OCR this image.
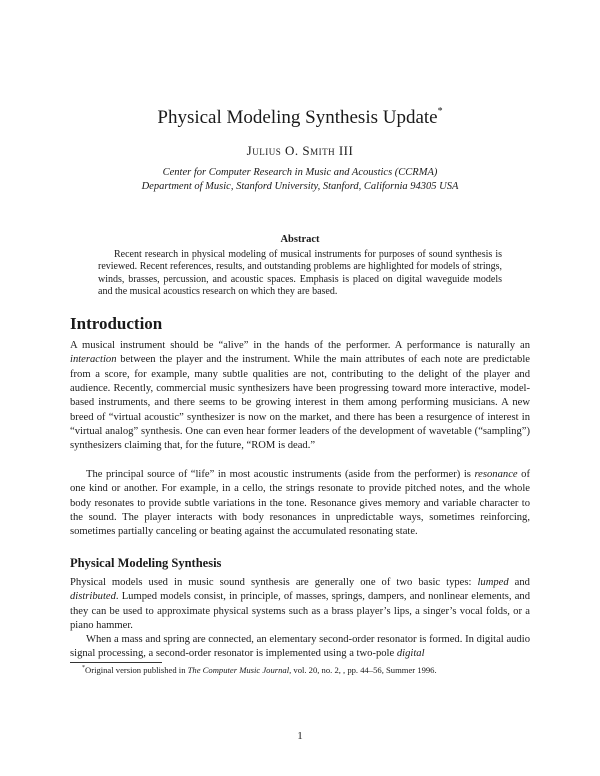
Physical Modeling Synthesis Update*
Julius O. Smith III
Center for Computer Research in Music and Acoustics (CCRMA)
Department of Music, Stanford University, Stanford, California 94305 USA
Abstract

Recent research in physical modeling of musical instruments for purposes of sound synthesis is reviewed. Recent references, results, and outstanding problems are highlighted for models of strings, winds, brasses, percussion, and acoustic spaces. Emphasis is placed on digital waveguide models and the musical acoustics research on which they are based.

Introduction

A musical instrument should be “alive” in the hands of the performer. A performance is naturally an interaction between the player and the instrument. While the main attributes of each note are predictable from a score, for example, many subtle qualities are not, contributing to the delight of the player and audience. Recently, commercial music synthesizers have been progressing toward more interactive, model-based instruments, and there seems to be growing interest in them among performing musicians. A new breed of “virtual acoustic” synthesizer is now on the market, and there has been a resurgence of interest in “virtual analog” synthesis. One can even hear former leaders of the development of wavetable (“sampling”) synthesizers claiming that, for the future, “ROM is dead.”

The principal source of “life” in most acoustic instruments (aside from the performer) is resonance of one kind or another. For example, in a cello, the strings resonate to provide pitched notes, and the whole body resonates to provide subtle variations in the tone. Resonance gives memory and variable character to the sound. The player interacts with body resonances in unpredictable ways, sometimes reinforcing, sometimes partially canceling or beating against the accumulated resonating state.

Physical Modeling Synthesis

Physical models used in music sound synthesis are generally one of two basic types: lumped and distributed. Lumped models consist, in principle, of masses, springs, dampers, and nonlinear elements, and they can be used to approximate physical systems such as a brass player’s lips, a singer’s vocal folds, or a piano hammer.

When a mass and spring are connected, an elementary second-order resonator is formed. In digital audio signal processing, a second-order resonator is implemented using a two-pole digital

*Original version published in The Computer Music Journal, vol. 20, no. 2, , pp. 44–56, Summer 1996.

1
